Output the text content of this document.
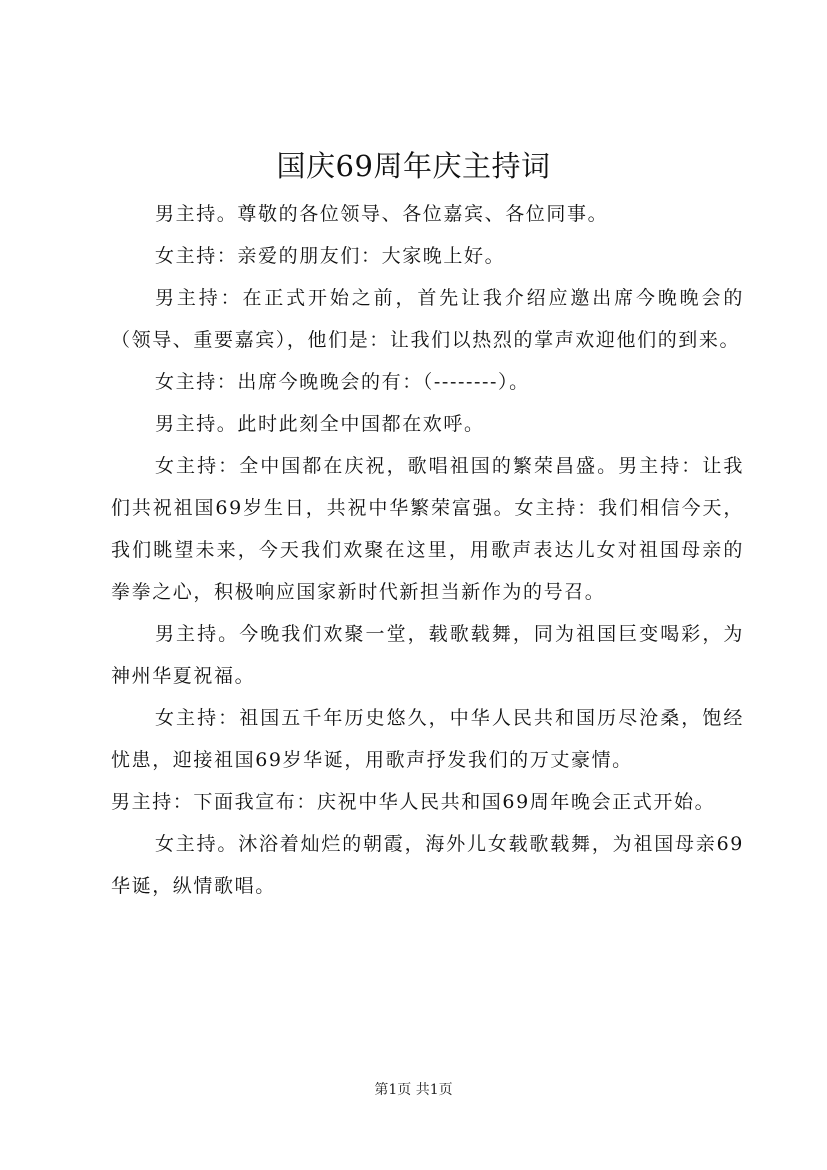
国庆69周年庆主持词

男主持。尊敬的各位领导、各位嘉宾、各位同事。

女主持：亲爱的朋友们：大家晚上好。

男主持：在正式开始之前，首先让我介绍应邀出席今晚晚会的（领导、重要嘉宾），他们是：让我们以热烈的掌声欢迎他们的到来。

女主持：出席今晚晚会的有：（--------）。

男主持。此时此刻全中国都在欢呼。

女主持：全中国都在庆祝，歌唱祖国的繁荣昌盛。男主持：让我们共祝祖国69岁生日，共祝中华繁荣富强。女主持：我们相信今天，我们眺望未来，今天我们欢聚在这里，用歌声表达儿女对祖国母亲的拳拳之心，积极响应国家新时代新担当新作为的号召。

男主持。今晚我们欢聚一堂，载歌载舞，同为祖国巨变喝彩，为神州华夏祝福。

女主持：祖国五千年历史悠久，中华人民共和国历尽沧桑，饱经忧患，迎接祖国69岁华诞，用歌声抒发我们的万丈豪情。

男主持：下面我宣布：庆祝中华人民共和国69周年晚会正式开始。

女主持。沐浴着灿烂的朝霞，海外儿女载歌载舞，为祖国母亲69华诞，纵情歌唱。

第1页 共1页
